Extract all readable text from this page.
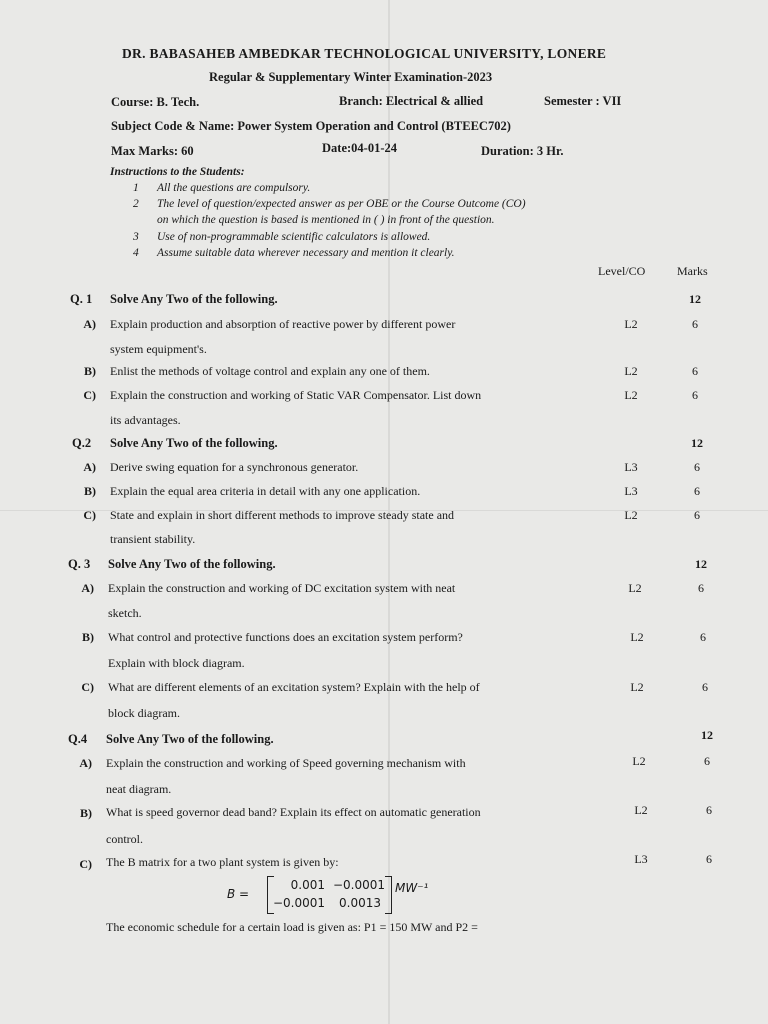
DR. BABASAHEB AMBEDKAR TECHNOLOGICAL UNIVERSITY, LONERE
Regular & Supplementary Winter Examination-2023
Course: B. Tech.	Branch: Electrical & allied	Semester : VII
Subject Code & Name: Power System Operation and Control (BTEEC702)
Max Marks: 60	Date:04-01-24	Duration: 3 Hr.
Instructions to the Students:
1 All the questions are compulsory.
2 The level of question/expected answer as per OBE or the Course Outcome (CO)
on which the question is based is mentioned in ( ) in front of the question.
3 Use of non-programmable scientific calculators is allowed.
4 Assume suitable data wherever necessary and mention it clearly.
Level/CO	Marks
Q. 1 Solve Any Two of the following.	12
A) Explain production and absorption of reactive power by different power
system equipment's.
L2	6
B) Enlist the methods of voltage control and explain any one of them.	L2	6
C) Explain the construction and working of Static VAR Compensator. List down
its advantages.
L2	6
Q.2 Solve Any Two of the following.	12
A) Derive swing equation for a synchronous generator.	L3	6
B) Explain the equal area criteria in detail with any one application.	L3	6
C) State and explain in short different methods to improve steady state and
transient stability.
L2	6
Q. 3 Solve Any Two of the following.	12
A) Explain the construction and working of DC excitation system with neat
sketch.
L2	6
B) What control and protective functions does an excitation system perform?
Explain with block diagram.
L2	6
C) What are different elements of an excitation system? Explain with the help of
block diagram.
L2	6
Q.4 Solve Any Two of the following.	12
A) Explain the construction and working of Speed governing mechanism with
neat diagram.
L2	6
B) What is speed governor dead band? Explain its effect on automatic generation
control.
L2	6
C) The B matrix for a two plant system is given by:	L3	6
B =
0.001 −0.0001
−0.0001	0.0013
MW⁻¹
The economic schedule for a certain load is given as: P1 = 150 MW and P2 =
